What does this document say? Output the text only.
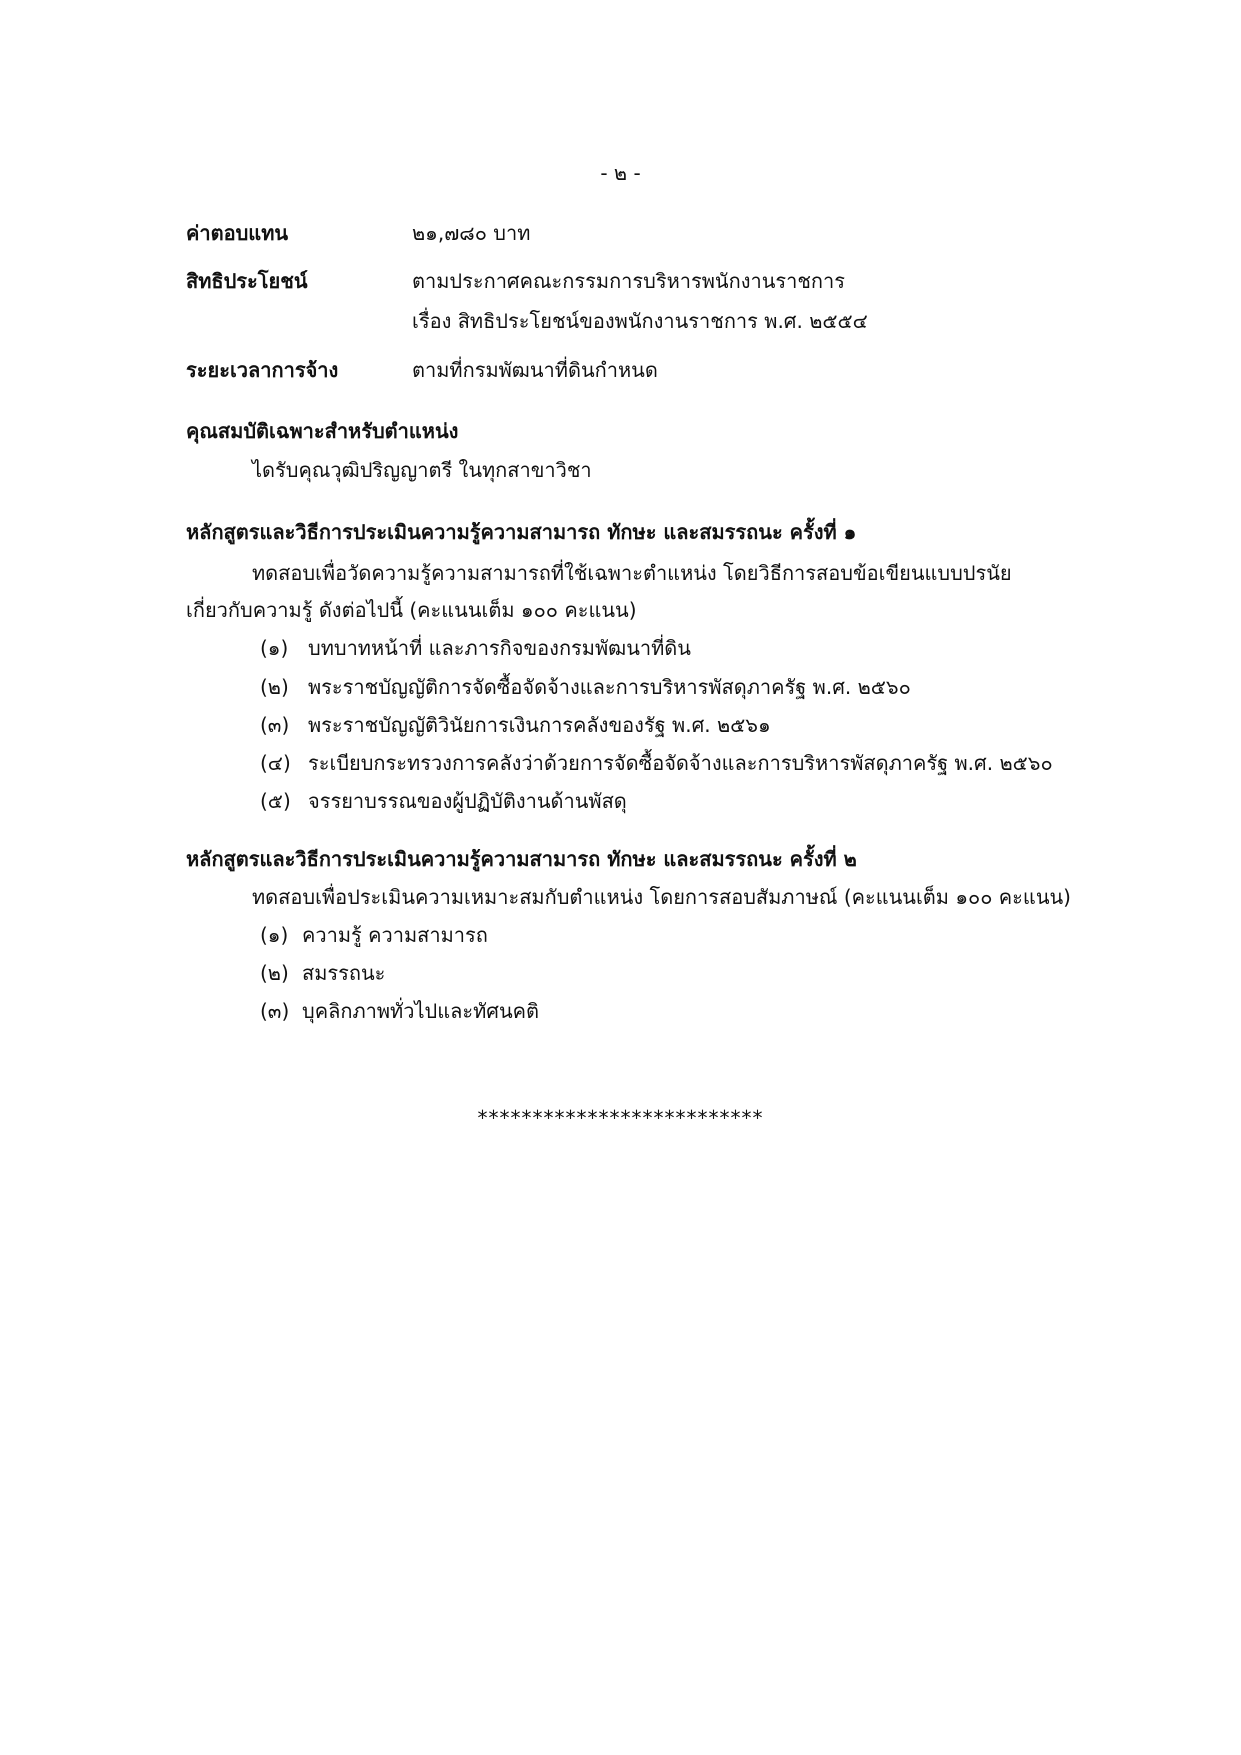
- ๒ -

ค่าตอบแทน	๒๑,๗๘๐ บาท

สิทธิประโยชน์	ตามประกาศคณะกรรมการบริหารพนักงานราชการ

เรื่อง สิทธิประโยชน์ของพนักงานราชการ พ.ศ. ๒๕๕๔

ระยะเวลาการจ้าง	ตามที่กรมพัฒนาที่ดินกำหนด

คุณสมบัติเฉพาะสำหรับตำแหน่ง

ไดรับคุณวุฒิปริญญาตรี ในทุกสาขาวิชา

หลักสูตรและวิธีการประเมินความรู้ความสามารถ ทักษะ และสมรรถนะ ครั้งที่ ๑

ทดสอบเพื่อวัดความรู้ความสามารถที่ใช้เฉพาะตำแหน่ง โดยวิธีการสอบข้อเขียนแบบปรนัย

เกี่ยวกับความรู้ ดังต่อไปนี้ (คะแนนเต็ม ๑๐๐ คะแนน)

(๑) บทบาทหน้าที่ และภารกิจของกรมพัฒนาที่ดิน

(๒) พระราชบัญญัติการจัดซื้อจัดจ้างและการบริหารพัสดุภาครัฐ พ.ศ. ๒๕๖๐

(๓) พระราชบัญญัติวินัยการเงินการคลังของรัฐ พ.ศ. ๒๕๖๑

(๔) ระเบียบกระทรวงการคลังว่าด้วยการจัดซื้อจัดจ้างและการบริหารพัสดุภาครัฐ พ.ศ. ๒๕๖๐

(๕) จรรยาบรรณของผู้ปฏิบัติงานด้านพัสดุ

หลักสูตรและวิธีการประเมินความรู้ความสามารถ ทักษะ และสมรรถนะ ครั้งที่ ๒

ทดสอบเพื่อประเมินความเหมาะสมกับตำแหน่ง โดยการสอบสัมภาษณ์ (คะแนนเต็ม ๑๐๐ คะแนน)

(๑) ความรู้ ความสามารถ

(๒) สมรรถนะ

(๓) บุคลิกภาพทั่วไปและทัศนคติ

**************************
